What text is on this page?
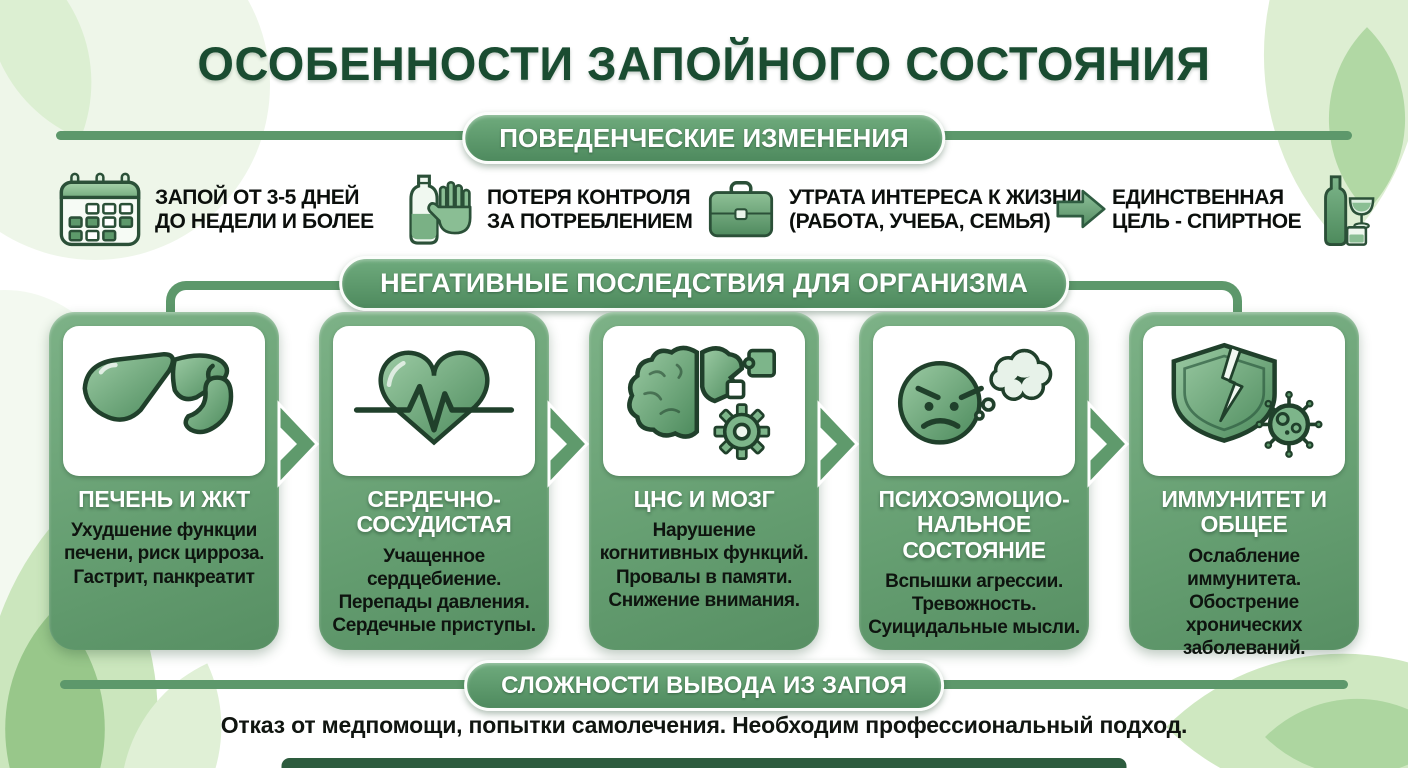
ОСОБЕННОСТИ ЗАПОЙНОГО СОСТОЯНИЯ
ПОВЕДЕНЧЕСКИЕ ИЗМЕНЕНИЯ
ЗАПОЙ ОТ 3-5 ДНЕЙ
ДО НЕДЕЛИ И БОЛЕЕ
ПОТЕРЯ КОНТРОЛЯ
ЗА ПОТРЕБЛЕНИЕМ
УТРАТА ИНТЕРЕСА К ЖИЗНИ
(РАБОТА, УЧЕБА, СЕМЬЯ)
ЕДИНСТВЕННАЯ
ЦЕЛЬ - СПИРТНОЕ
НЕГАТИВНЫЕ ПОСЛЕДСТВИЯ ДЛЯ ОРГАНИЗМА
ПЕЧЕНЬ И ЖКТ
Ухудшение функции печени, риск цирроза. Гастрит, панкреатит
СЕРДЕЧНО-СОСУДИСТАЯ
Учащенное сердцебиение. Перепады давления. Сердечные приступы.
ЦНС И МОЗГ
Нарушение когнитивных функций. Провалы в памяти. Снижение внимания.
ПСИХОЭМОЦИО-НАЛЬНОЕ СОСТОЯНИЕ
Вспышки агрессии. Тревожность. Суицидальные мысли.
ИММУНИТЕТ И ОБЩЕЕ
Ослабление иммунитета. Обострение хронических заболеваний.
СЛОЖНОСТИ ВЫВОДА ИЗ ЗАПОЯ
Отказ от медпомощи, попытки самолечения. Необходим профессиональный подход.
